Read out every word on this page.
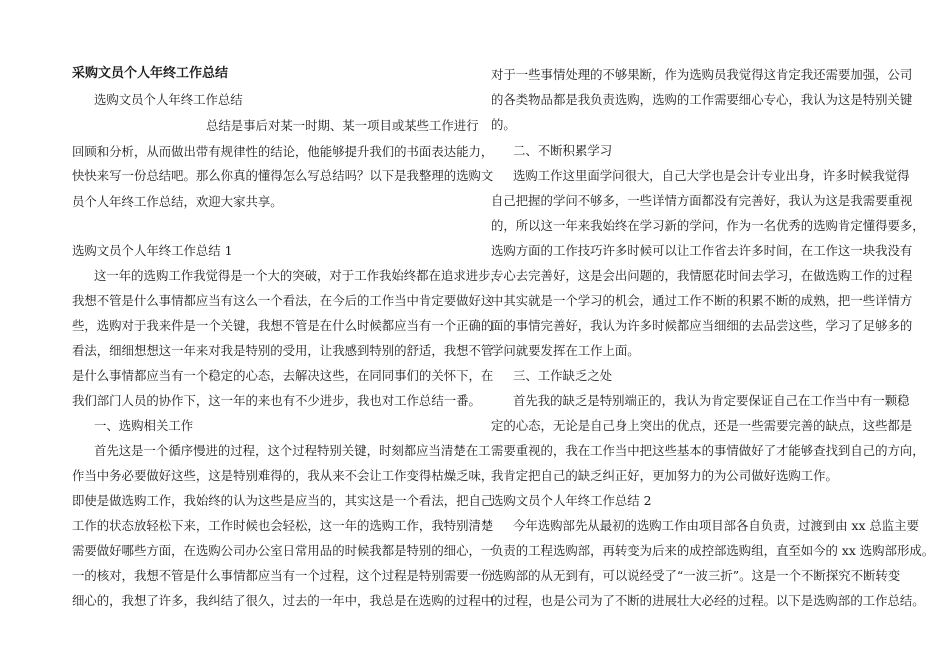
采购文员个人年终工作总结
选购文员个人年终工作总结
总结是事后对某一时期、某一项目或某些工作进行
回顾和分析，从而做出带有规律性的结论，他能够提升我们的书面表达能力，
快快来写一份总结吧。那么你真的懂得怎么写总结吗？以下是我整理的选购文
员个人年终工作总结，欢迎大家共享。
选购文员个人年终工作总结 1
这一年的选购工作我觉得是一个大的突破，对于工作我始终都在追求进步，
我想不管是什么事情都应当有这么一个看法，在今后的工作当中肯定要做好这
些，选购对于我来件是一个关键，我想不管是在什么时候都应当有一个正确的
看法，细细想想这一年来对我是特别的受用，让我感到特别的舒适，我想不管
是什么事情都应当有一个稳定的心态，去解决这些，在同同事们的关怀下，在
我们部门人员的协作下，这一年的来也有不少进步，我也对工作总结一番。
一、选购相关工作
首先这是一个循序慢进的过程，这个过程特别关键，时刻都应当清楚在工
作当中务必要做好这些，这是特别难得的，我从来不会让工作变得枯燥乏味，
即使是做选购工作，我始终的认为这些是应当的，其实这是一个看法，把自己
工作的状态放轻松下来，工作时候也会轻松，这一年的选购工作，我特别清楚
需要做好哪些方面，在选购公司办公室日常用品的时候我都是特别的细心，一
一的核对，我想不管是什么事情都应当有一个过程，这个过程是特别需要一份
细心的，我想了许多，我纠结了很久，过去的一年中，我总是在选购的过程中
对于一些事情处理的不够果断，作为选购员我觉得这肯定我还需要加强，公司
的各类物品都是我负责选购，选购的工作需要细心专心，我认为这是特别关键
的。
二、不断积累学习
选购工作这里面学问很大，自己大学也是会计专业出身，许多时候我觉得
自己把握的学问不够多，一些详情方面都没有完善好，我认为这是我需要重视
的，所以这一年来我始终在学习新的学问，作为一名优秀的选购肯定懂得要多，
选购方面的工作技巧许多时候可以让工作省去许多时间，在工作这一块我没有
专心去完善好，这是会出问题的，我情愿花时间去学习，在做选购工作的过程
中其实就是一个学习的机会，通过工作不断的积累不断的成熟，把一些详情方
面的事情完善好，我认为许多时候都应当细细的去品尝这些，学习了足够多的
学问就要发挥在工作上面。
三、工作缺乏之处
首先我的缺乏是特别端正的，我认为肯定要保证自己在工作当中有一颗稳
定的心态，无论是自己身上突出的优点，还是一些需要完善的缺点，这些都是
需要重视的，我在工作当中把这些基本的事情做好了才能够查找到自己的方向，
我肯定把自己的缺乏纠正好，更加努力的为公司做好选购工作。
选购文员个人年终工作总结 2
今年选购部先从最初的选购工作由项目部各自负责，过渡到由 xx 总监主要
负责的工程选购部，再转变为后来的成控部选购组，直至如今的 xx 选购部形成。
选购部的从无到有，可以说经受了“一波三折”。这是一个不断探究不断转变
的过程，也是公司为了不断的进展壮大必经的过程。以下是选购部的工作总结。
